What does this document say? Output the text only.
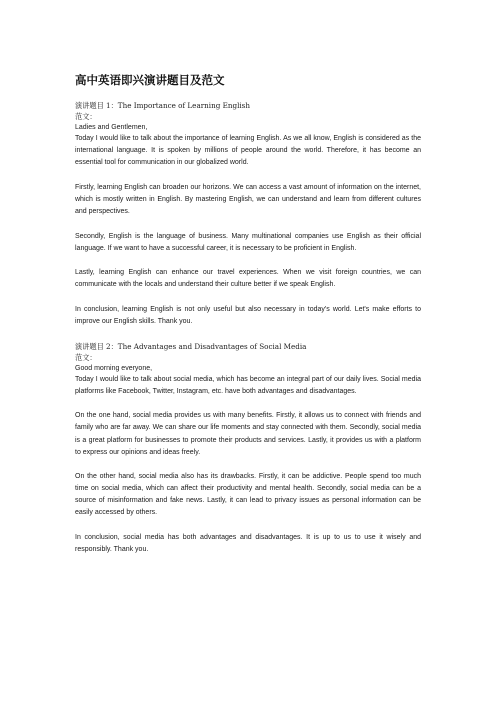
高中英语即兴演讲题目及范文

演讲题目 1：The Importance of Learning English

范文：

Ladies and Gentlemen,

Today I would like to talk about the importance of learning English. As we all know, English is considered as the international language. It is spoken by millions of people around the world. Therefore, it has become an essential tool for communication in our globalized world.

Firstly, learning English can broaden our horizons. We can access a vast amount of information on the internet, which is mostly written in English. By mastering English, we can understand and learn from different cultures and perspectives.

Secondly, English is the language of business. Many multinational companies use English as their official language. If we want to have a successful career, it is necessary to be proficient in English.

Lastly, learning English can enhance our travel experiences. When we visit foreign countries, we can communicate with the locals and understand their culture better if we speak English.

In conclusion, learning English is not only useful but also necessary in today's world. Let's make efforts to improve our English skills. Thank you.

演讲题目 2：The Advantages and Disadvantages of Social Media

范文：

Good morning everyone,

Today I would like to talk about social media, which has become an integral part of our daily lives. Social media platforms like Facebook, Twitter, Instagram, etc. have both advantages and disadvantages.

On the one hand, social media provides us with many benefits. Firstly, it allows us to connect with friends and family who are far away. We can share our life moments and stay connected with them. Secondly, social media is a great platform for businesses to promote their products and services. Lastly, it provides us with a platform to express our opinions and ideas freely.

On the other hand, social media also has its drawbacks. Firstly, it can be addictive. People spend too much time on social media, which can affect their productivity and mental health. Secondly, social media can be a source of misinformation and fake news. Lastly, it can lead to privacy issues as personal information can be easily accessed by others.

In conclusion, social media has both advantages and disadvantages. It is up to us to use it wisely and responsibly. Thank you.
